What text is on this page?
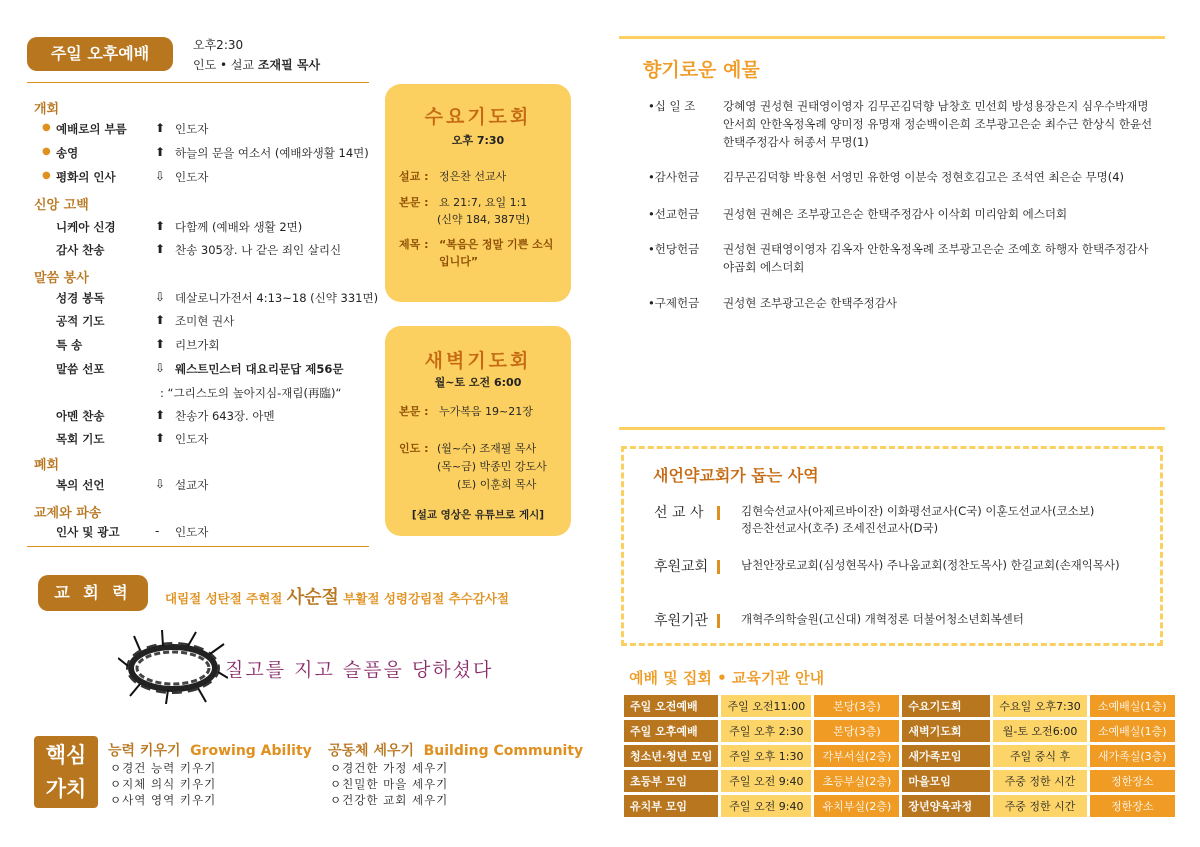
주일 오후예배	오후2:30
인도 • 설교 조재필 목사
개회
● 예배로의 부름 ⬆ 인도자
● 송영	⬆ 하늘의 문을 여소서 (예배와생활 14면)
● 평화의 인사	⇩ 인도자
신앙 고백
니케아 신경	⬆ 다함께 (예배와 생활 2면)
감사 찬송	⬆ 찬송 305장. 나 같은 죄인 살리신
말씀 봉사
성경 봉독	⇩ 데살로니가전서 4:13~18 (신약 331면)
공적 기도	⬆ 조미현 권사
특 송	⬆ 리브가회
말씀 선포	⇩ 웨스트민스터 대요리문답 제56문
: “그리스도의 높아지심-재림(再臨)“
아멘 찬송	⬆ 찬송가 643장. 아멘
목회 기도	⬆ 인도자
폐회
복의 선언	⇩ 설교자
교제와 파송
인사 및 광고	- 인도자
수요기도회
오후 7:30
설교 : 정은찬 선교사
본문 : 요 21:7, 요일 1:1
(신약 184, 387면)
제목 : “복음은 정말 기쁜 소식
입니다”
새벽기도회
월~토 오전 6:00
본문 : 누가복음 19~21장
인도 : (월~수) 조재필 목사
(목~금) 박종민 강도사
(토) 이훈희 목사
[설교 영상은 유튜브로 게시]
교 회 력	대림절 성탄절 주현절 사순절 부활절 성령강림절 추수감사절
질고를 지고 슬픔을 당하셨다
핵심
가치
능력 키우기 Growing Ability
ㅇ경건 능력 키우기
ㅇ지체 의식 키우기
ㅇ사역 영역 키우기
공동체 세우기 Building Community
ㅇ경건한 가정 세우기
ㅇ친밀한 마을 세우기
ㅇ건강한 교회 세우기
향기로운 예물
•십 일 조 강혜영 권성현 권태영이영자 김무곤김덕향 남창호 민선희 방성용장은지 심우수박재명 안서희 안한옥정옥례 양미정 유명재 정순백이은희 조부광고은순 최수근 한상식 한윤선 한택주정감사 허종서 무명(1)
•감사헌금 김무곤김덕향 박용현 서영민 유한영 이분숙 정현호김고은 조석연 최은순 무명(4)
•선교헌금 권성현 권혜은 조부광고은순 한택주정감사 이삭회 미리암회 에스더회
•헌당헌금 권성현 권태영이영자 김옥자 안한옥정옥례 조부광고은순 조예호 하행자 한택주정감사 야곱회 에스더회
•구제헌금 권성현 조부광고은순 한택주정감사
새언약교회가 돕는 사역
선 교 사	김현숙선교사(아제르바이잔) 이화평선교사(C국) 이훈도선교사(코소보)
정은찬선교사(호주) 조세진선교사(D국)
후원교회	남천안장로교회(심성현목사) 주나움교회(정찬도목사) 한길교회(손재익목사)
후원기관	개혁주의학술원(고신대) 개혁정론 더불어청소년회복센터
예배 및 집회 • 교육기관 안내
주일 오전예배	주일 오전11:00	본당(3층)	수요기도회	수요일 오후7:30	소예배실(1층)
주일 오후예배	주일 오후 2:30	본당(3층)	새벽기도회	월-토 오전6:00	소예배실(1층)
청소년·청년 모임	주일 오후 1:30	각부서실(2층)	새가족모임	주일 중식 후	새가족실(3층)
초등부 모임	주일 오전 9:40	초등부실(2층)	마을모임	주중 정한 시간	정한장소
유치부 모임	주일 오전 9:40	유치부실(2층)	장년양육과정	주중 정한 시간	정한장소
